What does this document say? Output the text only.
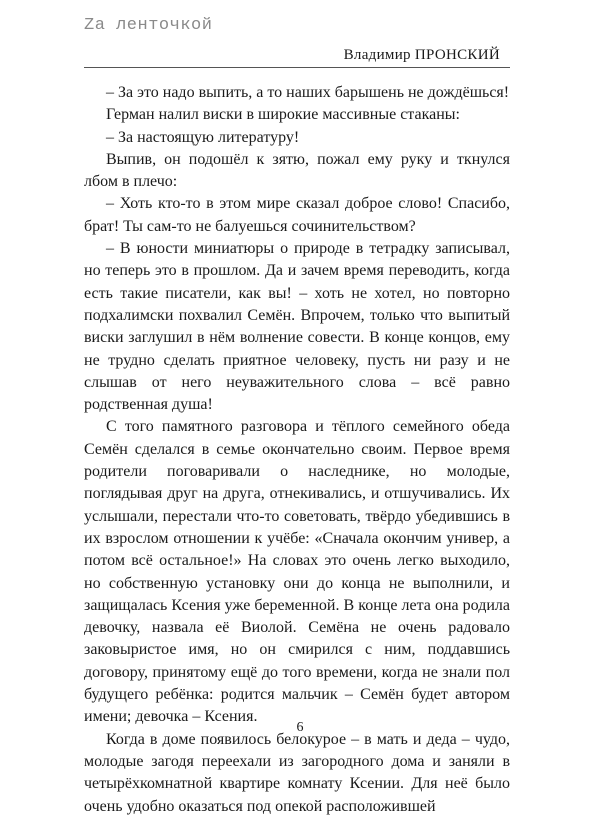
Za ленточкой
Владимир ПРОНСКИЙ

– За это надо выпить, а то наших барышень не дождёшься!

Герман налил виски в широкие массивные стаканы:

– За настоящую литературу!

Выпив, он подошёл к зятю, пожал ему руку и ткнулся лбом в плечо:

– Хоть кто-то в этом мире сказал доброе слово! Спасибо, брат! Ты сам-то не балуешься сочинительством?

– В юности миниатюры о природе в тетрадку записывал, но теперь это в прошлом. Да и зачем время переводить, когда есть такие писатели, как вы! – хоть не хотел, но повторно подхалимски похвалил Семён. Впрочем, только что выпитый виски заглушил в нём волнение совести. В конце концов, ему не трудно сделать приятное человеку, пусть ни разу и не слышав от него неуважительного слова – всё равно родственная душа!

С того памятного разговора и тёплого семейного обеда Семён сделался в семье окончательно своим. Первое время родители поговаривали о наследнике, но молодые, поглядывая друг на друга, отнекивались, и отшучивались. Их услышали, перестали что-то советовать, твёрдо убедившись в их взрослом отношении к учёбе: «Сначала окончим универ, а потом всё остальное!» На словах это очень легко выходило, но собственную установку они до конца не выполнили, и защищалась Ксения уже беременной. В конце лета она родила девочку, назвала её Виолой. Семёна не очень радовало заковыристое имя, но он смирился с ним, поддавшись договору, принятому ещё до того времени, когда не знали пол будущего ребёнка: родится мальчик – Семён будет автором имени; девочка – Ксения.

Когда в доме появилось белокурое – в мать и деда – чудо, молодые загодя переехали из загородного дома и заняли в четырёхкомнатной квартире комнату Ксении. Для неё было очень удобно оказаться под опекой расположившей

6
